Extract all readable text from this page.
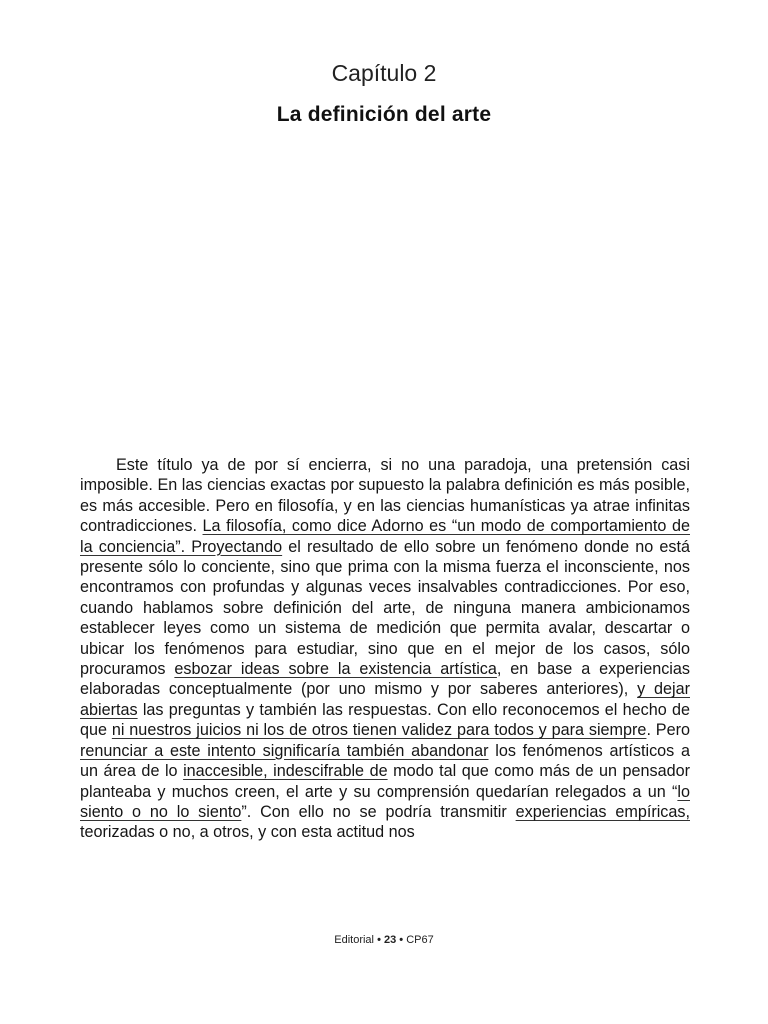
Capítulo 2
La definición del arte

Este título ya de por sí encierra, si no una paradoja, una pretensión casi imposible. En las ciencias exactas por supuesto la palabra definición es más posible, es más accesible. Pero en filosofía, y en las ciencias humanísticas ya atrae infinitas contradicciones. La filosofía, como dice Adorno es “un modo de comportamiento de la conciencia”. Proyectando el resultado de ello sobre un fenómeno donde no está presente sólo lo conciente, sino que prima con la misma fuerza el inconsciente, nos encontramos con profundas y algunas veces insalvables contradicciones. Por eso, cuando hablamos sobre definición del arte, de ninguna manera ambicionamos establecer leyes como un sistema de medición que permita avalar, descartar o ubicar los fenómenos para estudiar, sino que en el mejor de los casos, sólo procuramos esbozar ideas sobre la existencia artística, en base a experiencias elaboradas conceptualmente (por uno mismo y por saberes anteriores), y dejar abiertas las preguntas y también las respuestas. Con ello reconocemos el hecho de que ni nuestros juicios ni los de otros tienen validez para todos y para siempre. Pero renunciar a este intento significaría también abandonar los fenómenos artísticos a un área de lo inaccesible, indescifrable de modo tal que como más de un pensador planteaba y muchos creen, el arte y su comprensión quedarían relegados a un “lo siento o no lo siento”. Con ello no se podría transmitir experiencias empíricas, teorizadas o no, a otros, y con esta actitud nos

Editorial • 23 • CP67
